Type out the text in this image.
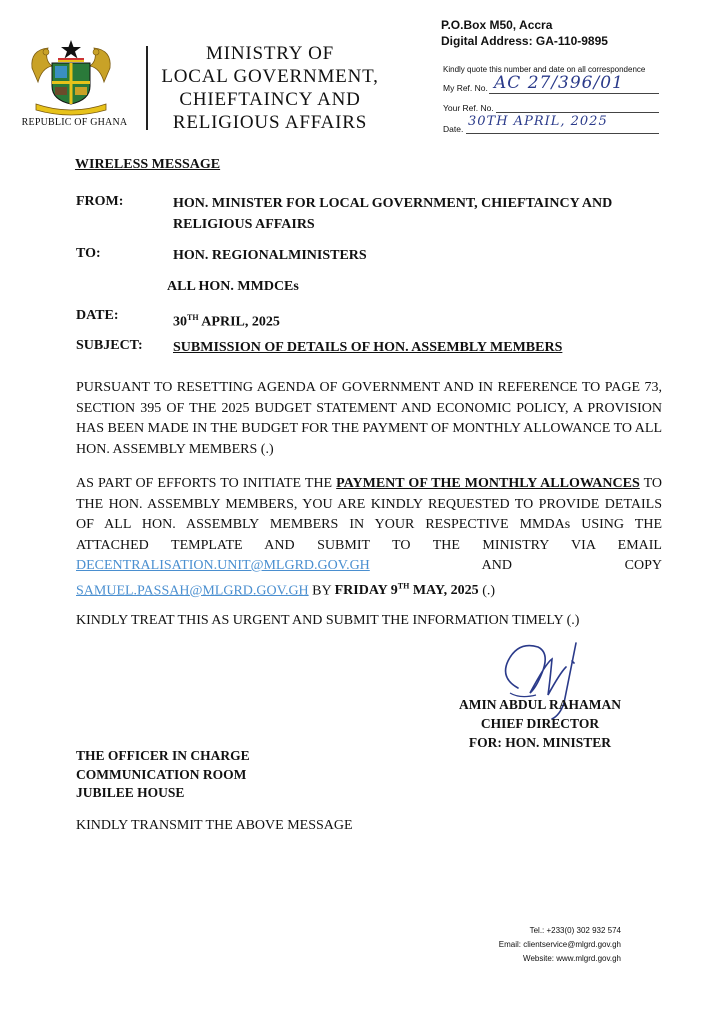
REPUBLIC OF GHANA
MINISTRY OF
LOCAL GOVERNMENT,
CHIEFTAINCY AND
RELIGIOUS AFFAIRS
P.O.Box M50, Accra
Digital Address: GA-110-9895
Kindly quote this number and date on all correspondence
My Ref. No. AC 27/396/01
Your Ref. No.
Date. 30TH APRIL, 2025
WIRELESS MESSAGE
FROM:	HON. MINISTER FOR LOCAL GOVERNMENT, CHIEFTAINCY AND
RELIGIOUS AFFAIRS
TO:	HON. REGIONALMINISTERS
ALL HON. MMDCEs
DATE:	30TH APRIL, 2025
SUBJECT: SUBMISSION OF DETAILS OF HON. ASSEMBLY MEMBERS
PURSUANT TO RESETTING AGENDA OF GOVERNMENT AND IN REFERENCE TO PAGE 73, SECTION 395 OF THE 2025 BUDGET STATEMENT AND ECONOMIC POLICY, A PROVISION HAS BEEN MADE IN THE BUDGET FOR THE PAYMENT OF MONTHLY ALLOWANCE TO ALL HON. ASSEMBLY MEMBERS (.)
AS PART OF EFFORTS TO INITIATE THE PAYMENT OF THE MONTHLY ALLOWANCES TO THE HON. ASSEMBLY MEMBERS, YOU ARE KINDLY REQUESTED TO PROVIDE DETAILS OF ALL HON. ASSEMBLY MEMBERS IN YOUR RESPECTIVE MMDAs USING THE ATTACHED TEMPLATE AND SUBMIT TO THE MINISTRY VIA EMAIL DECENTRALISATION.UNIT@MLGRD.GOV.GH AND COPY SAMUEL.PASSAH@MLGRD.GOV.GH BY FRIDAY 9TH MAY, 2025 (.)
KINDLY TREAT THIS AS URGENT AND SUBMIT THE INFORMATION TIMELY (.)
AMIN ABDUL RAHAMAN
CHIEF DIRECTOR
FOR: HON. MINISTER
THE OFFICER IN CHARGE
COMMUNICATION ROOM
JUBILEE HOUSE
KINDLY TRANSMIT THE ABOVE MESSAGE
Tel.: +233(0) 302 932 574
Email: clientservice@mlgrd.gov.gh
Website: www.mlgrd.gov.gh
